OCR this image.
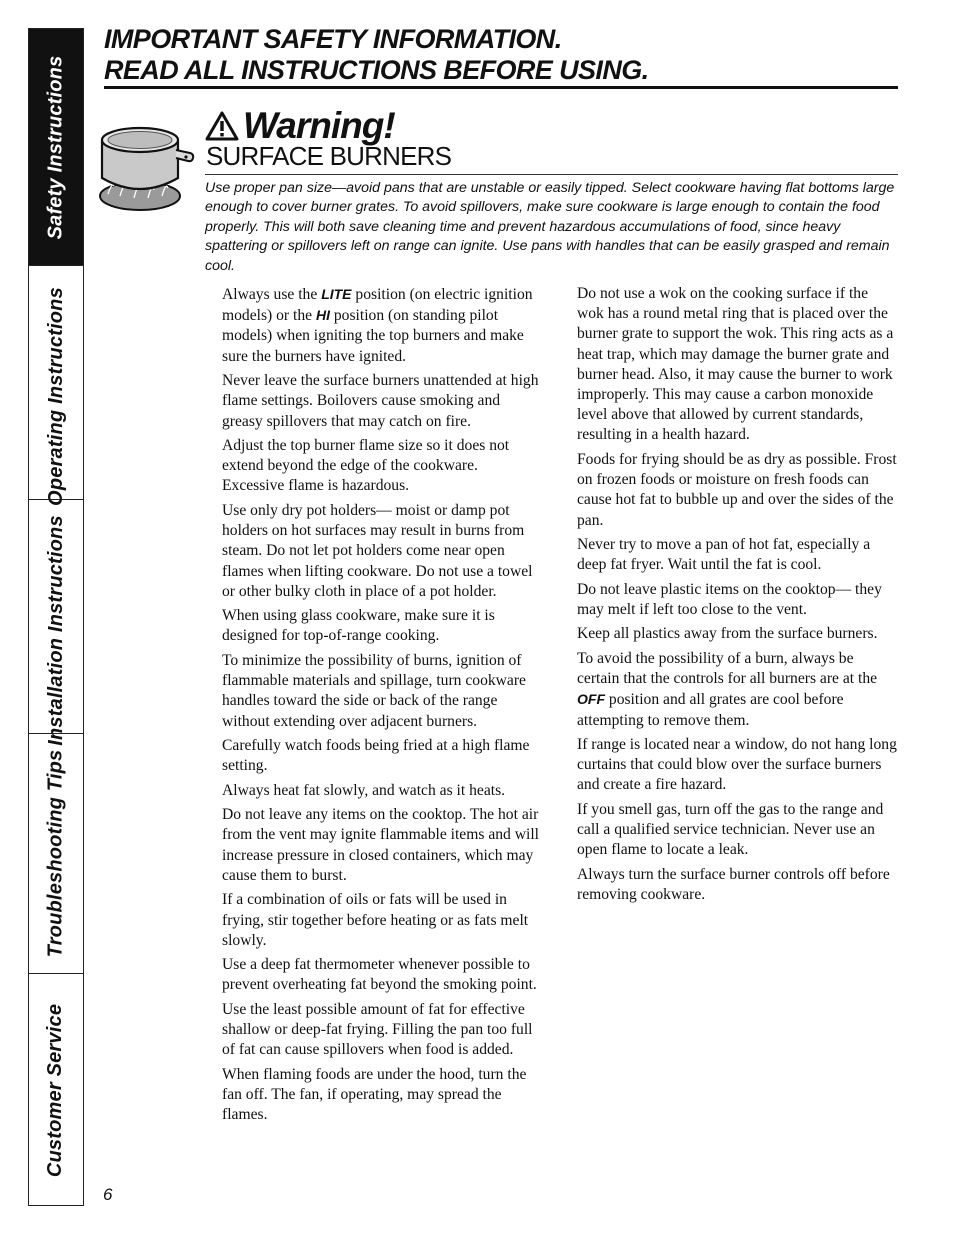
Safety Instructions
Operating Instructions
Installation Instructions
Troubleshooting Tips
Customer Service
IMPORTANT SAFETY INFORMATION.
READ ALL INSTRUCTIONS BEFORE USING.
Warning!
SURFACE BURNERS

Use proper pan size—avoid pans that are unstable or easily tipped. Select cookware having flat bottoms large enough to cover burner grates. To avoid spillovers, make sure cookware is large enough to contain the food properly. This will both save cleaning time and prevent hazardous accumulations of food, since heavy spattering or spillovers left on range can ignite. Use pans with handles that can be easily grasped and remain cool.

Always use the LITE position (on electric ignition models) or the HI position (on standing pilot models) when igniting the top burners and make sure the burners have ignited.

Never leave the surface burners unattended at high flame settings. Boilovers cause smoking and greasy spillovers that may catch on fire.

Adjust the top burner flame size so it does not extend beyond the edge of the cookware. Excessive flame is hazardous.

Use only dry pot holders— moist or damp pot holders on hot surfaces may result in burns from steam. Do not let pot holders come near open flames when lifting cookware. Do not use a towel or other bulky cloth in place of a pot holder.

When using glass cookware, make sure it is designed for top-of-range cooking.

To minimize the possibility of burns, ignition of flammable materials and spillage, turn cookware handles toward the side or back of the range without extending over adjacent burners.

Carefully watch foods being fried at a high flame setting.

Always heat fat slowly, and watch as it heats.

Do not leave any items on the cooktop. The hot air from the vent may ignite flammable items and will increase pressure in closed containers, which may cause them to burst.

If a combination of oils or fats will be used in frying, stir together before heating or as fats melt slowly.

Use a deep fat thermometer whenever possible to prevent overheating fat beyond the smoking point.

Use the least possible amount of fat for effective shallow or deep-fat frying. Filling the pan too full of fat can cause spillovers when food is added.

When flaming foods are under the hood, turn the fan off. The fan, if operating, may spread the flames.

Do not use a wok on the cooking surface if the wok has a round metal ring that is placed over the burner grate to support the wok. This ring acts as a heat trap, which may damage the burner grate and burner head. Also, it may cause the burner to work improperly. This may cause a carbon monoxide level above that allowed by current standards, resulting in a health hazard.

Foods for frying should be as dry as possible. Frost on frozen foods or moisture on fresh foods can cause hot fat to bubble up and over the sides of the pan.

Never try to move a pan of hot fat, especially a deep fat fryer. Wait until the fat is cool.

Do not leave plastic items on the cooktop— they may melt if left too close to the vent.

Keep all plastics away from the surface burners.

To avoid the possibility of a burn, always be certain that the controls for all burners are at the OFF position and all grates are cool before attempting to remove them.

If range is located near a window, do not hang long curtains that could blow over the surface burners and create a fire hazard.

If you smell gas, turn off the gas to the range and call a qualified service technician. Never use an open flame to locate a leak.

Always turn the surface burner controls off before removing cookware.

6
